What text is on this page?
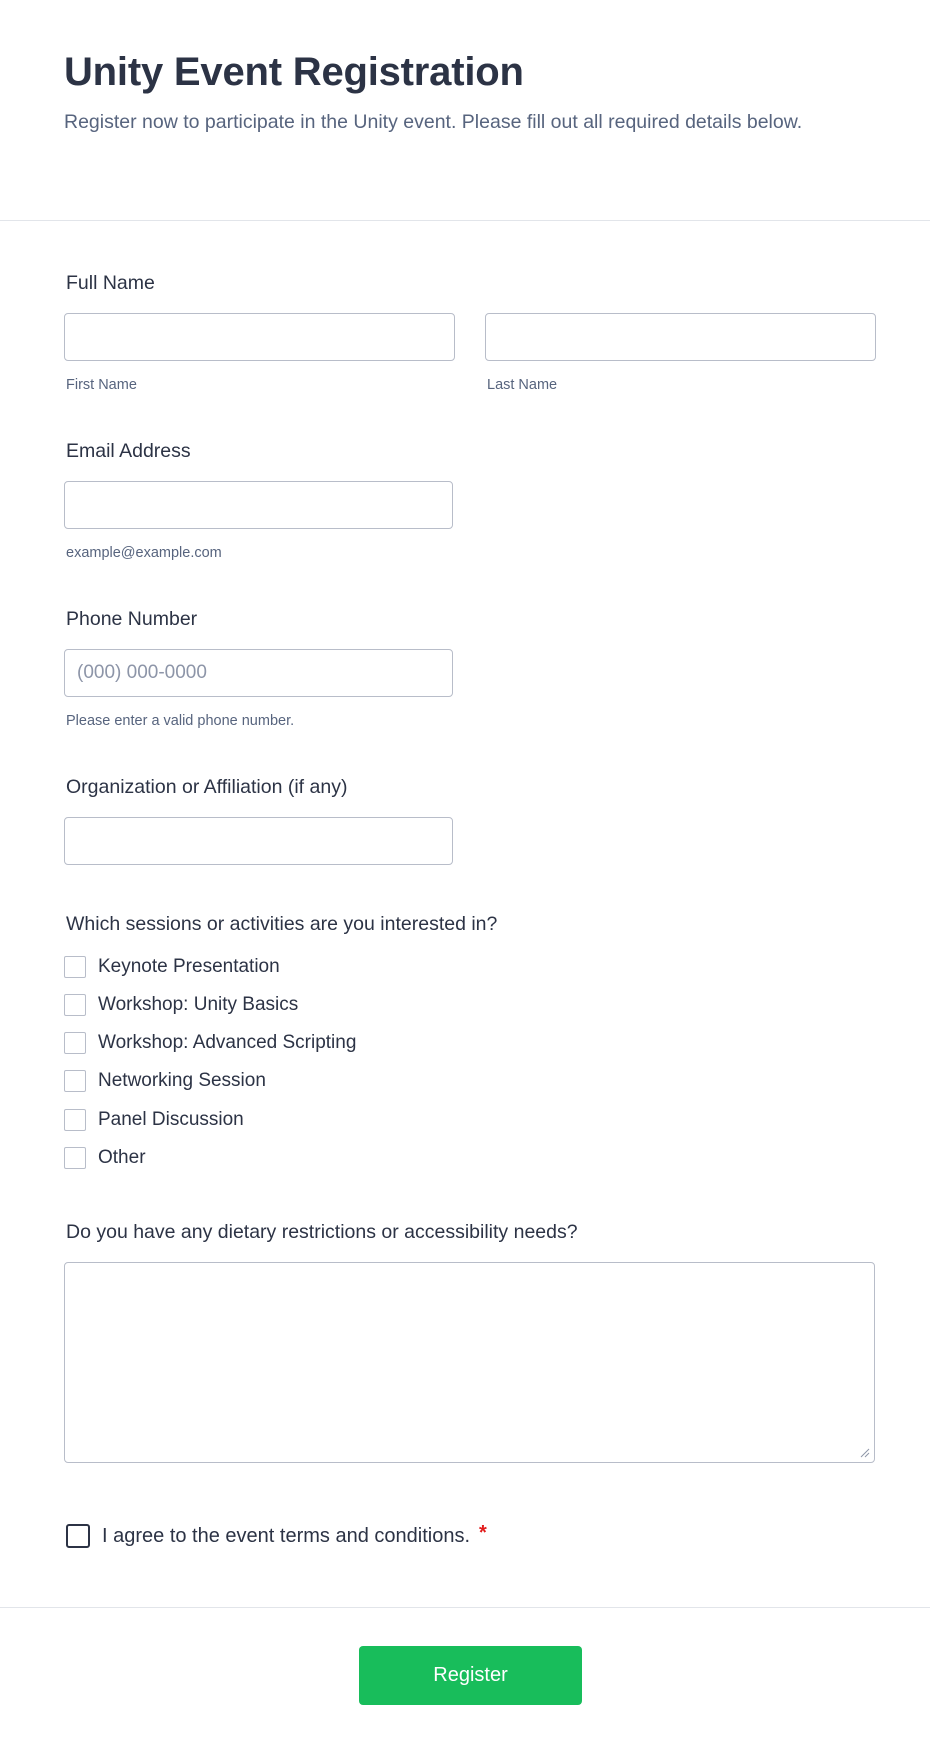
Unity Event Registration

Register now to participate in the Unity event. Please fill out all required details below.

Full Name
First Name	Last Name
Email Address
example@example.com
Phone Number
(000) 000-0000
Please enter a valid phone number.
Organization or Affiliation (if any)
Which sessions or activities are you interested in?
Keynote Presentation
Workshop: Unity Basics
Workshop: Advanced Scripting
Networking Session
Panel Discussion
Other
Do you have any dietary restrictions or accessibility needs?
I agree to the event terms and conditions. *
Register
